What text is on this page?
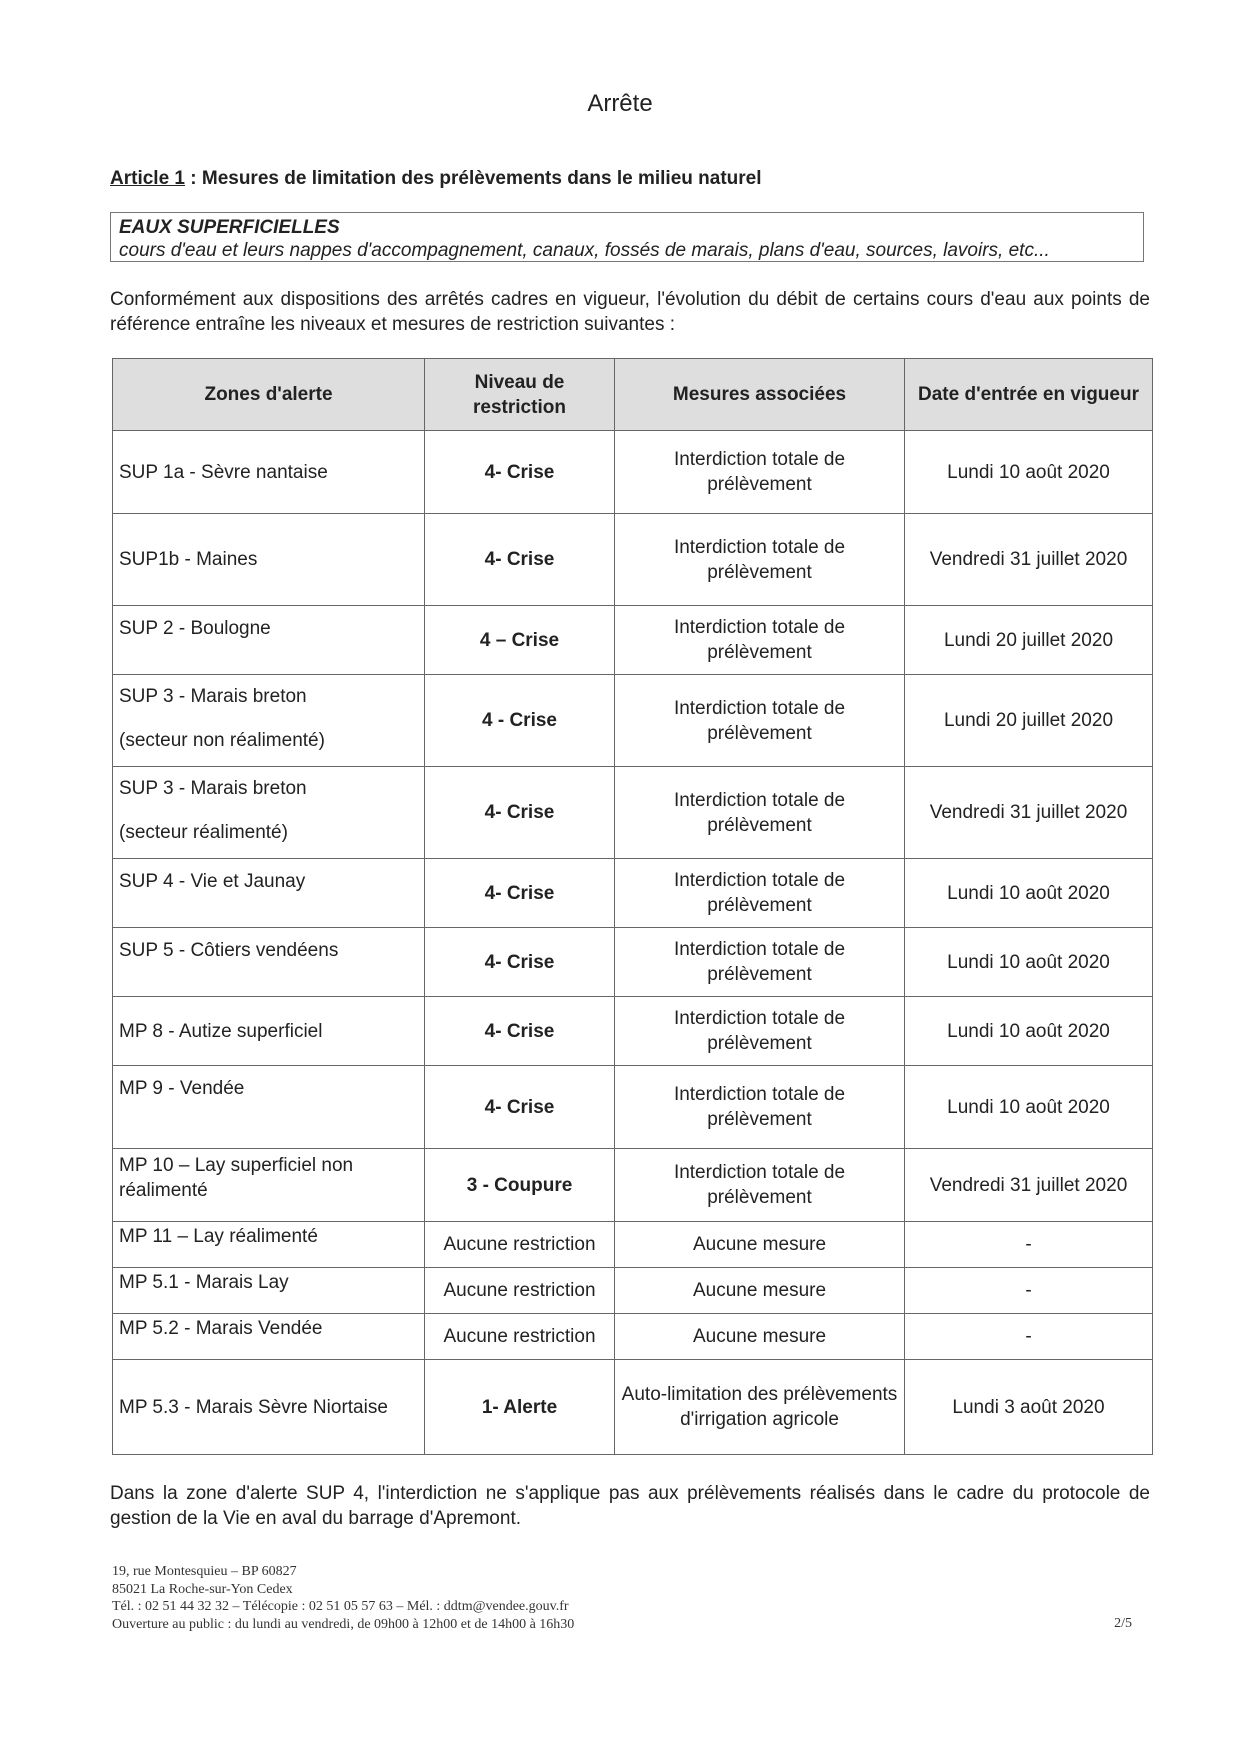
Arrête
Article 1 : Mesures de limitation des prélèvements dans le milieu naturel
EAUX SUPERFICIELLES
cours d'eau et leurs nappes d'accompagnement, canaux, fossés de marais, plans d'eau, sources, lavoirs, etc...
Conformément aux dispositions des arrêtés cadres en vigueur, l'évolution du débit de certains cours d'eau aux points de référence entraîne les niveaux et mesures de restriction suivantes :
Zones d'alerte	Niveau de restriction	Mesures associées	Date d'entrée en vigueur
SUP 1a - Sèvre nantaise	4- Crise	Interdiction totale de prélèvement	Lundi 10 août 2020
SUP1b - Maines	4- Crise	Interdiction totale de prélèvement	Vendredi 31 juillet 2020
SUP 2 - Boulogne	4 – Crise	Interdiction totale de prélèvement	Lundi 20 juillet 2020

SUP 3 - Marais breton
(secteur non réalimenté)	4 - Crise	Interdiction totale de prélèvement	Lundi 20 juillet 2020

SUP 3 - Marais breton
(secteur réalimenté)	4- Crise	Interdiction totale de prélèvement	Vendredi 31 juillet 2020
SUP 4 - Vie et Jaunay	4- Crise	Interdiction totale de prélèvement	Lundi 10 août 2020
SUP 5 - Côtiers vendéens	4- Crise	Interdiction totale de prélèvement	Lundi 10 août 2020
MP 8 - Autize superficiel	4- Crise	Interdiction totale de prélèvement	Lundi 10 août 2020
MP 9 - Vendée	4- Crise	Interdiction totale de prélèvement	Lundi 10 août 2020
MP 10 – Lay superficiel non réalimenté	3 - Coupure	Interdiction totale de prélèvement	Vendredi 31 juillet 2020
MP 11 – Lay réalimenté	Aucune restriction	Aucune mesure	-
MP 5.1 - Marais Lay	Aucune restriction	Aucune mesure	-
MP 5.2 - Marais Vendée	Aucune restriction	Aucune mesure	-
MP 5.3 - Marais Sèvre Niortaise	1- Alerte	Auto-limitation des prélèvements d'irrigation agricole	Lundi 3 août 2020
Dans la zone d'alerte SUP 4, l'interdiction ne s'applique pas aux prélèvements réalisés dans le cadre du protocole de gestion de la Vie en aval du barrage d'Apremont.
19, rue Montesquieu – BP 60827
85021 La Roche-sur-Yon Cedex
Tél. : 02 51 44 32 32 – Télécopie : 02 51 05 57 63 – Mél. : ddtm@vendee.gouv.fr
Ouverture au public : du lundi au vendredi, de 09h00 à 12h00 et de 14h00 à 16h30	2/5
